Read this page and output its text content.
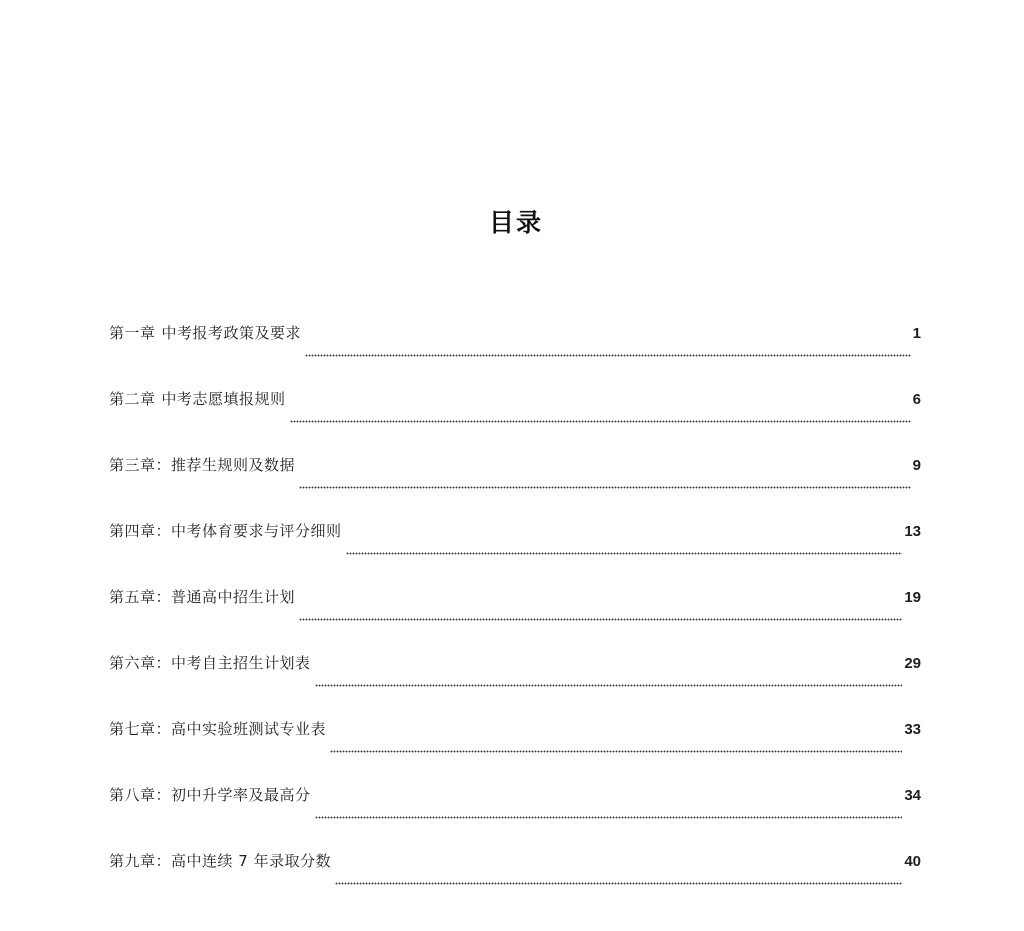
目录
第一章 中考报考政策及要求	1
第二章 中考志愿填报规则	6
第三章：推荐生规则及数据	9
第四章：中考体育要求与评分细则	13
第五章：普通高中招生计划	19
第六章：中考自主招生计划表	29
第七章：高中实验班测试专业表	33
第八章：初中升学率及最高分	34
第九章：高中连续 7 年录取分数	40
